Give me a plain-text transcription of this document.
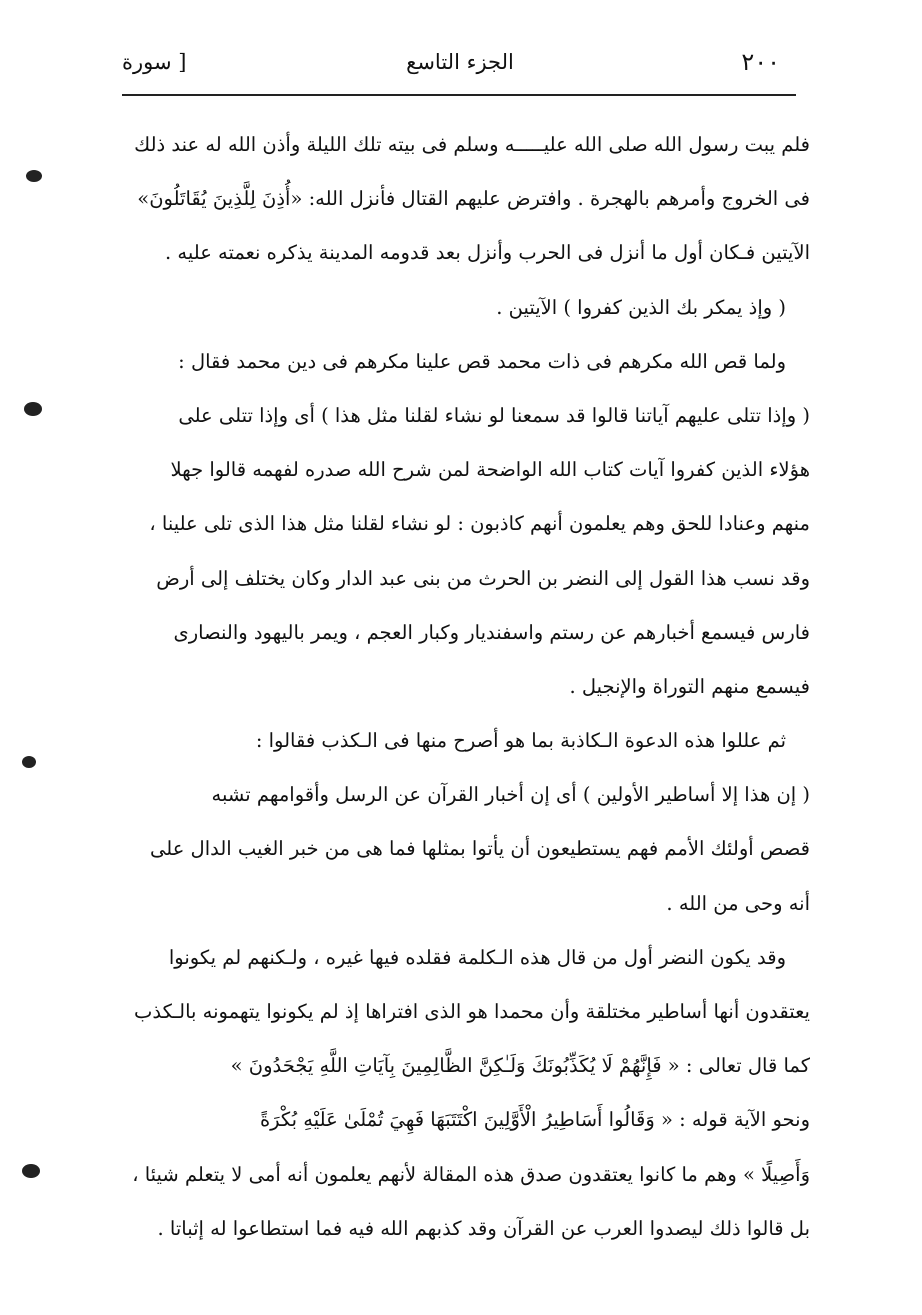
٢٠٠
الجزء التاسع
[ سورة
فلم يبت رسول الله صلى الله عليـــــه وسلم فى بيته تلك الليلة وأذن الله له عند ذلك
فى الخروج وأمرهم بالهجرة . وافترض عليهم القتال فأنزل الله: «أُذِنَ لِلَّذِينَ يُقَاتَلُونَ»
الآيتين فـكان أول ما أنزل فى الحرب وأنزل بعد قدومه المدينة يذكره نعمته عليه .
( وإذ يمكر بك الذين كفروا ) الآيتين .
ولما قص الله مكرهم فى ذات محمد قص علينا مكرهم فى دين محمد فقال :
( وإذا تتلى عليهم آياتنا قالوا قد سمعنا لو نشاء لقلنا مثل هذا ) أى وإذا تتلى على
هؤلاء الذين كفروا آيات كتاب الله الواضحة لمن شرح الله صدره لفهمه قالوا جهلا
منهم وعنادا للحق وهم يعلمون أنهم كاذبون : لو نشاء لقلنا مثل هذا الذى تلى علينا ،
وقد نسب هذا القول إلى النضر بن الحرث من بنى عبد الدار وكان يختلف إلى أرض
فارس فيسمع أخبارهم عن رستم واسفنديار وكبار العجم ، ويمر باليهود والنصارى
فيسمع منهم التوراة والإنجيل .
ثم عللوا هذه الدعوة الـكاذبة بما هو أصرح منها فى الـكذب فقالوا :
( إن هذا إلا أساطير الأولين ) أى إن أخبار القرآن عن الرسل وأقوامهم تشبه
قصص أولئك الأمم فهم يستطيعون أن يأتوا بمثلها فما هى من خبر الغيب الدال على
أنه وحى من الله .
وقد يكون النضر أول من قال هذه الـكلمة فقلده فيها غيره ، ولـكنهم لم يكونوا
يعتقدون أنها أساطير مختلقة وأن محمدا هو الذى افتراها إذ لم يكونوا يتهمونه بالـكذب
كما قال تعالى : « فَإِنَّهُمْ لَا يُكَذِّبُونَكَ وَلَـٰكِنَّ الظَّالِمِينَ بِآيَاتِ اللَّهِ يَجْحَدُونَ »
ونحو الآية قوله : « وَقَالُوا أَسَاطِيرُ الْأَوَّلِينَ اكْتَتَبَهَا فَهِيَ تُمْلَىٰ عَلَيْهِ بُكْرَةً
وَأَصِيلًا » وهم ما كانوا يعتقدون صدق هذه المقالة لأنهم يعلمون أنه أمى لا يتعلم شيئا ،
بل قالوا ذلك ليصدوا العرب عن القرآن وقد كذبهم الله فيه فما استطاعوا له إثباتا .
